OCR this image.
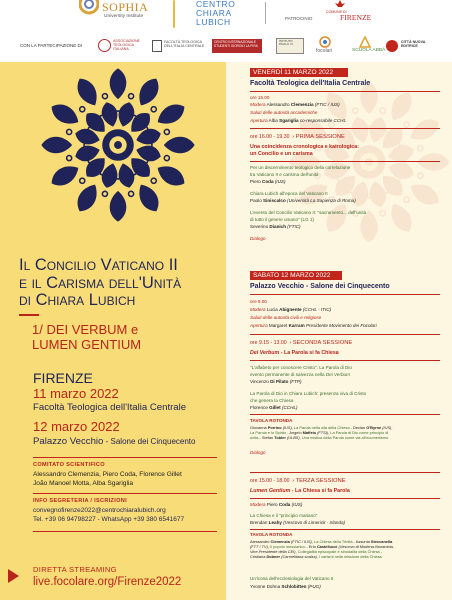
SOPHIA
University Institute
CENTRO
CHIARA
LUBICH	PATROCINIO
COMUNE DI
FIRENZE
CON LA PARTECIPAZIONE DI
ASSOCIAZIONE TEOLOGICA ITALIANA
FACOLTÀ TEOLOGICA DELL'ITALIA CENTRALE
CENTRO INTERNAZIONALE STUDENTI GIORGIO LA PIRA
ISTITUTO PAOLO VI
focolari	SCUOLA ABBÀ
CITTÀ NUOVA EDITRICE
Il Concilio Vaticano II
e il Carisma dell'Unità
di Chiara Lubich
1/ DEI VERBUM e
LUMEN GENTIUM
FIRENZE
11 marzo 2022
Facoltà Teologica dell'Italia Centrale
12 marzo 2022
Palazzo Vecchio - Salone dei Cinquecento
COMITATO SCIENTIFICO
Alessandro Clemenzia, Piero Coda, Florence Gillet
João Manoel Motta, Alba Sgariglia
INFO SEGRETERIA / ISCRIZIONI
convegnofirenze2022@centrochiaralubich.org
Tel. +39 06 94798227 - WhatsApp +39 380 6541677
DIRETTA STREAMING
live.focolare.org/Firenze2022
VENERDÌ 11 MARZO 2022
Facoltà Teologica dell'Italia Centrale
ore 15.00
Modera Alessandro Clemenzia (FTIC / IUS)
Saluti delle autorità accademiche
Apertura Alba Sgariglia co-responsabile CCHL
ore 16.00 - 19.30  › PRIMA SESSIONE
Una coincidenza cronologica e kairologica:
un Concilio e un carisma
Per un discernimento teologico della correlazione
tra Vaticano II e carisma dell'unità
Piero Coda (IUS)
Chiara Lubich all'epoca del Vaticano II
Paolo Siniscalco (Università La Sapienza di Roma)
L'evento del Concilio Vaticano II: "sacramento... dell'unità
di tutto il genere umano" (LG 1)
Severino Dianich (FTIC)
Dialogo
SABATO 12 MARZO 2022
Palazzo Vecchio - Salone dei Cinquecento
ore 9.00
Modera Lucia Abignente (CCHL - ITIC)
Saluti delle autorità civili e religiose
Apertura Margaret Karram Presidente Movimento dei Focolari
ore 9.15 - 13.00  › SECONDA SESSIONE
Dei Verbum - La Parola si fa Chiesa
"L'alfabeto per conoscere Cristo". La Parola di Dio
evento permanente di salvezza nella Dei Verbum
Vincenzo Di Pilato (FTP)
La Parola di Dio in Chiara Lubich: presenza viva di Cristo
che genera la Chiesa
Florence Gillet (CCHL)
TAVOLA ROTONDA
Giovanna Porrino (IUS), La Parola nella vita della Chiesa - Declan O'Byrne (IUS),
La Parola e lo Spirito - Angelo Maffeis (FTSI), La Parola di Dio come principio di
unità - Stefan Tobler (ULBS), Una mistica della Parola come via all'ecumenismo
Dialogo
ore 15.00 - 18.00  › TERZA SESSIONE
Lumen Gentium - La Chiesa si fa Parola
Modera Piero Coda (IUS)
La Chiesa e il "principio mariano"
Brendan Leahy (Vescovo di Limerick - Irlanda)
TAVOLA ROTONDA
Alessandro Clemenzia (FTIC / IUS), La Chiesa della Trinità - Assunta Steccanella
(FTT / TV), Il popolo messianico - Erio Castellucci (Vescovo di Modena-Nonantola,
Vice-Presidente della CEI), Collegialità episcopale e sinodalità della Chiesa -
Cristiana Dobner (Carmelitana scalza), I carismi nella missione della Chiesa
Un'icona dell'ecclesiologia del Vaticano II
Yvonne Dohna Schlobitten (PUG)
